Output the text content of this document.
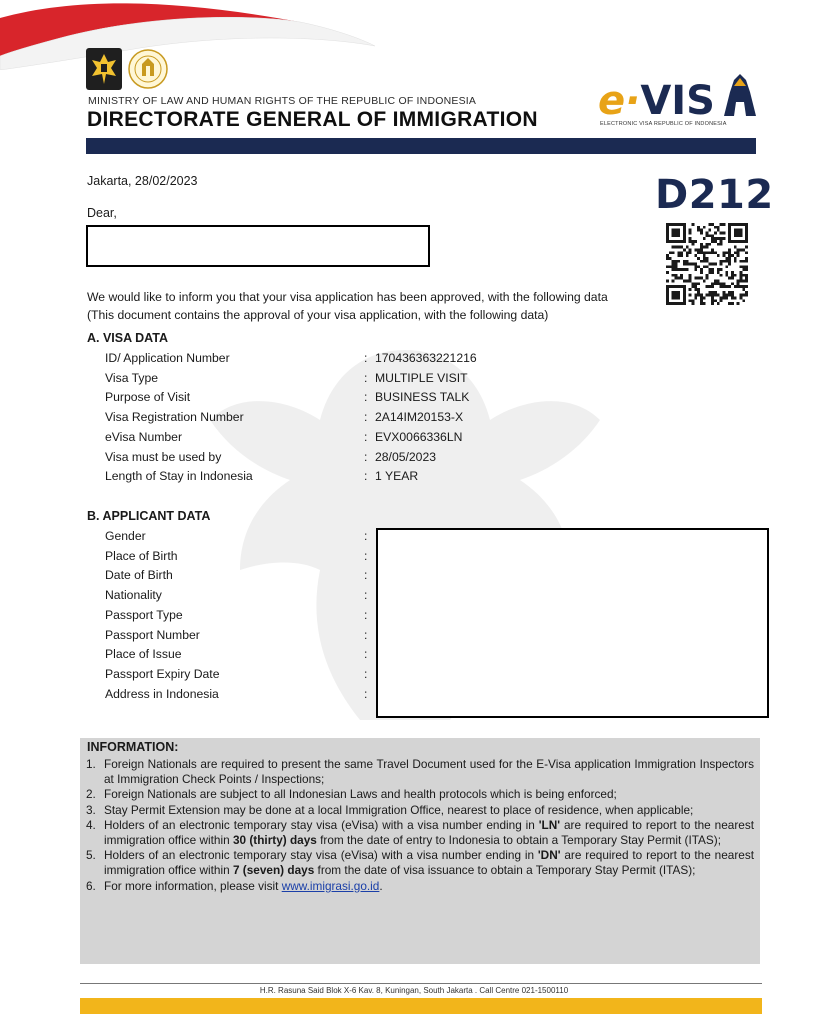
MINISTRY OF LAW AND HUMAN RIGHTS OF THE REPUBLIC OF INDONESIA
DIRECTORATE GENERAL OF IMMIGRATION e·VIS
ELECTRONIC VISA REPUBLIC OF INDONESIA
Jakarta, 28/02/2023
Dear,	D212
We would like to inform you that your visa application has been approved, with the following data
(This document contains the approval of your visa application, with the following data)
A. VISA DATA
ID/ Application Number	: 170436363221216
Visa Type	: MULTIPLE VISIT
Purpose of Visit	: BUSINESS TALK
Visa Registration Number	: 2A14IM20153-X
eVisa Number	: EVX0066336LN
Visa must be used by	: 28/05/2023
Length of Stay in Indonesia	: 1 YEAR
B. APPLICANT DATA
Gender	:
Place of Birth	:
Date of Birth	:
Nationality	:
Passport Type	:
Passport Number	:
Place of Issue	:
Passport Expiry Date	:
Address in Indonesia	:
INFORMATION:
1. Foreign Nationals are required to present the same Travel Document used for the E-Visa application Immigration Inspectors at Immigration Check Points / Inspections;
2. Foreign Nationals are subject to all Indonesian Laws and health protocols which is being enforced;
3. Stay Permit Extension may be done at a local Immigration Office, nearest to place of residence, when applicable;
4. Holders of an electronic temporary stay visa (eVisa) with a visa number ending in 'LN' are required to report to the nearest immigration office within 30 (thirty) days from the date of entry to Indonesia to obtain a Temporary Stay Permit (ITAS);
5. Holders of an electronic temporary stay visa (eVisa) with a visa number ending in 'DN' are required to report to the nearest immigration office within 7 (seven) days from the date of visa issuance to obtain a Temporary Stay Permit (ITAS);
6. For more information, please visit www.imigrasi.go.id.
H.R. Rasuna Said Blok X-6 Kav. 8, Kuningan, South Jakarta . Call Centre 021-1500110
